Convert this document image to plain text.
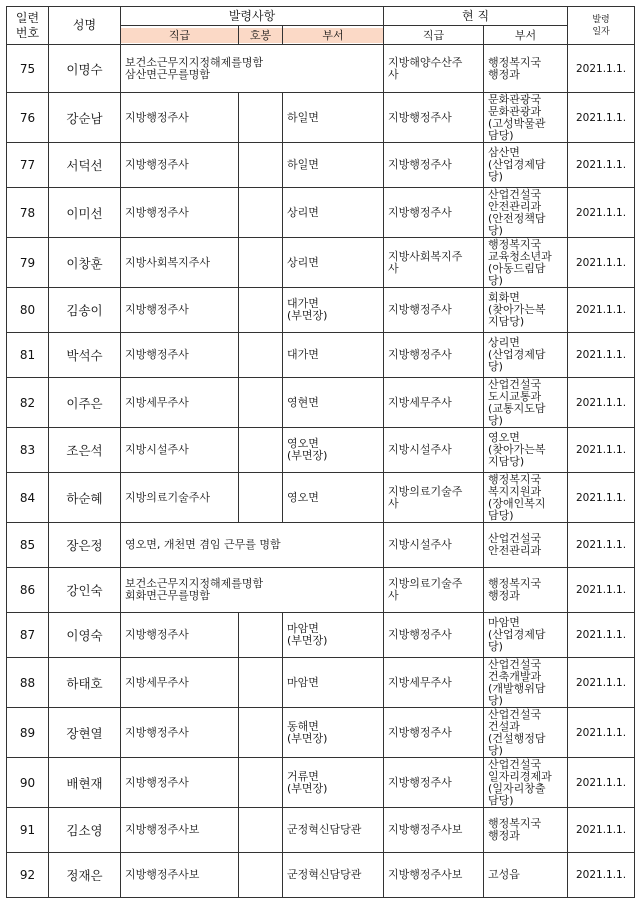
일련
번호	성명	발령사항			현 직		발령
일자

		직급	호봉	부서	직급	부서	
75	이명수	보건소근무지지정해제를명함
삼산면근무를명함			지방해양수산주
사	행정복지국
행정과	2021.1.1.
76	강순남	지방행정주사		하일면	지방행정주사	문화관광국
문화관광과
(고성박물관
담당)	2021.1.1.
77	서덕선	지방행정주사		하일면	지방행정주사	삼산면
(산업경제담
당)	2021.1.1.
78	이미선	지방행정주사		상리면	지방행정주사	산업건설국
안전관리과
(안전정책담
당)	2021.1.1.
79	이창훈	지방사회복지주사		상리면	지방사회복지주
사	행정복지국
교육청소년과
(아동드림담
당)	2021.1.1.
80	김송이	지방행정주사		대가면
(부면장)	지방행정주사	회화면
(찾아가는복
지담당)	2021.1.1.
81	박석수	지방행정주사		대가면	지방행정주사	상리면
(산업경제담
당)	2021.1.1.
82	이주은	지방세무주사		영현면	지방세무주사	산업건설국
도시교통과
(교통지도담
당)	2021.1.1.
83	조은석	지방시설주사		영오면
(부면장)	지방시설주사	영오면
(찾아가는복
지담당)	2021.1.1.
84	하순혜	지방의료기술주사		영오면	지방의료기술주
사	행정복지국
복지지원과
(장애인복지
담당)	2021.1.1.
85	장은정	영오면, 개천면 겸임 근무를 명함			지방시설주사	산업건설국
안전관리과	2021.1.1.
86	강인숙	보건소근무지지정해제를명함
회화면근무를명함			지방의료기술주
사	행정복지국
행정과	2021.1.1.
87	이영숙	지방행정주사		마암면
(부면장)	지방행정주사	마암면
(산업경제담
당)	2021.1.1.
88	하태호	지방세무주사		마암면	지방세무주사	산업건설국
건축개발과
(개발행위담
당)	2021.1.1.
89	장현열	지방행정주사		동해면
(부면장)	지방행정주사	산업건설국
건설과
(건설행정담
당)	2021.1.1.
90	배현재	지방행정주사		거류면
(부면장)	지방행정주사	산업건설국
일자리경제과
(일자리창출
담당)	2021.1.1.
91	김소영	지방행정주사보		군정혁신담당관	지방행정주사보	행정복지국
행정과	2021.1.1.
92	정재은	지방행정주사보		군정혁신담당관	지방행정주사보	고성읍	2021.1.1.
